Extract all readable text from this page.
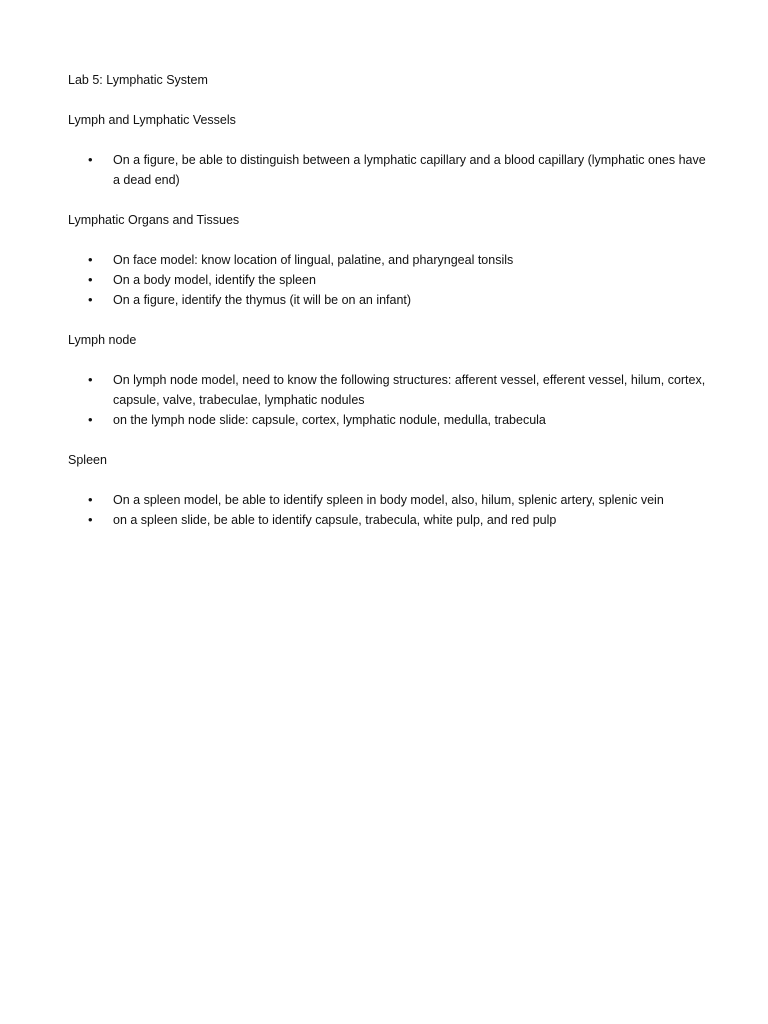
Lab 5: Lymphatic System

Lymph and Lymphatic Vessels

• On a figure, be able to distinguish between a lymphatic capillary and a blood capillary (lymphatic ones have a dead end)

Lymphatic Organs and Tissues

• On face model: know location of lingual, palatine, and pharyngeal tonsils
• On a body model, identify the spleen
• On a figure, identify the thymus (it will be on an infant)

Lymph node

• On lymph node model, need to know the following structures: afferent vessel, efferent vessel, hilum, cortex, capsule, valve, trabeculae, lymphatic nodules
• on the lymph node slide: capsule, cortex, lymphatic nodule, medulla, trabecula

Spleen

• On a spleen model, be able to identify spleen in body model, also, hilum, splenic artery, splenic vein
• on a spleen slide, be able to identify capsule, trabecula, white pulp, and red pulp
